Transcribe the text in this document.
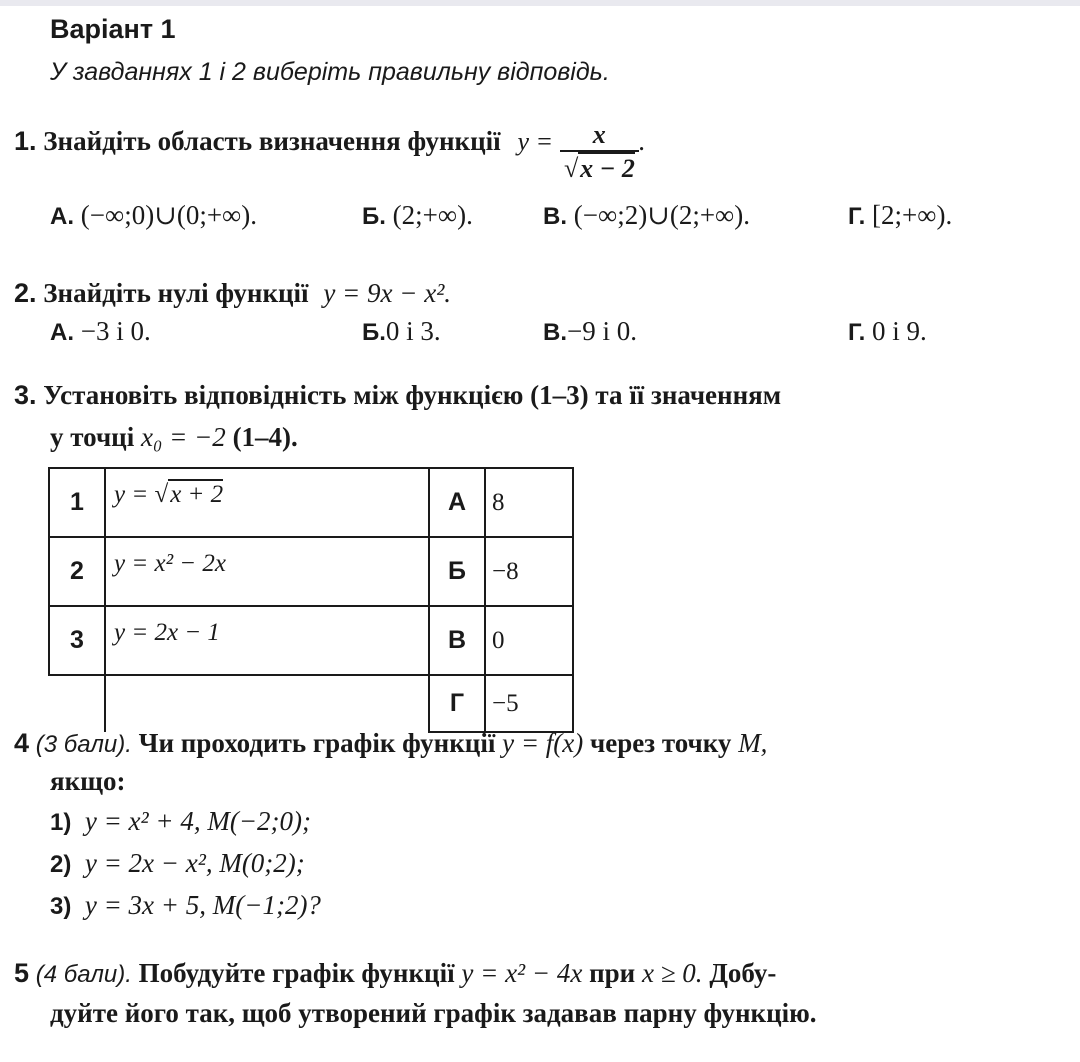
Варіант 1
У завданнях 1 і 2 виберіть правильну відповідь.
1. Знайдіть область визначення функції $y = \frac{x}{√x - 2}$ .
А. (−∞;0)∪(0;+∞).	Б. (2;+∞).	В. (−∞;2)∪(2;+∞).	Г. [2;+∞).
2. Знайдіть нулі функції y = 9x − x².
А. −3 і 0.	Б.0 і 3.	В.−9 і 0.	Г. 0 і 9.
3. Установіть відповідність між функцією (1–3) та її значенням
у точці x₀ = −2 (1–4).
1	y = √x + 2	А	8
2	y = x² − 2x	Б	−8
3	y = 2x − 1	В	0
		Г	−5
4 (3 бали). Чи проходить графік функції y = f(x) через точку M,
якщо:
1) y = x² + 4, M(−2;0);
2) y = 2x − x², M(0;2);
3) y = 3x + 5, M(−1;2)?
5 (4 бали). Побудуйте графік функції y = x² − 4x при x ≥ 0. Добу-
дуйте його так, щоб утворений графік задавав парну функцію.
